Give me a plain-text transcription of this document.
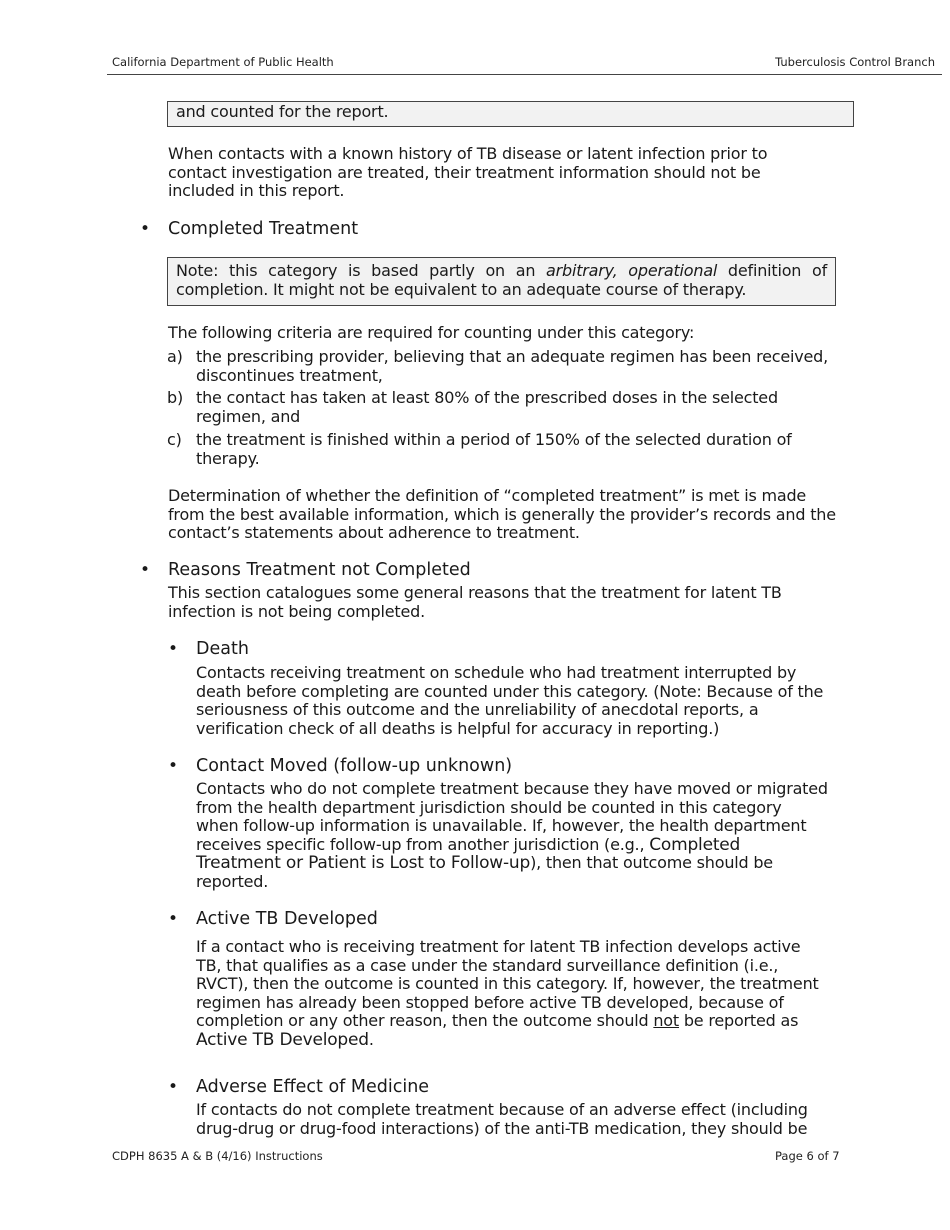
California Department of Public Health	Tuberculosis Control Branch
and counted for the report.
When contacts with a known history of TB disease or latent infection prior to contact investigation are treated, their treatment information should not be included in this report.
• Completed Treatment
Note: this category is based partly on an arbitrary, operational definition of completion. It might not be equivalent to an adequate course of therapy.
The following criteria are required for counting under this category:
a) the prescribing provider, believing that an adequate regimen has been received, discontinues treatment,
b) the contact has taken at least 80% of the prescribed doses in the selected regimen, and
c) the treatment is finished within a period of 150% of the selected duration of therapy.
Determination of whether the definition of “completed treatment” is met is made from the best available information, which is generally the provider’s records and the contact’s statements about adherence to treatment.
• Reasons Treatment not Completed
This section catalogues some general reasons that the treatment for latent TB infection is not being completed.
• Death
Contacts receiving treatment on schedule who had treatment interrupted by death before completing are counted under this category. (Note: Because of the seriousness of this outcome and the unreliability of anecdotal reports, a verification check of all deaths is helpful for accuracy in reporting.)
• Contact Moved (follow-up unknown)
Contacts who do not complete treatment because they have moved or migrated from the health department jurisdiction should be counted in this category when follow-up information is unavailable. If, however, the health department receives specific follow-up from another jurisdiction (e.g., Completed Treatment or Patient is Lost to Follow-up), then that outcome should be reported.
• Active TB Developed
If a contact who is receiving treatment for latent TB infection develops active TB, that qualifies as a case under the standard surveillance definition (i.e., RVCT), then the outcome is counted in this category. If, however, the treatment regimen has already been stopped before active TB developed, because of completion or any other reason, then the outcome should not be reported as Active TB Developed.
• Adverse Effect of Medicine
If contacts do not complete treatment because of an adverse effect (including drug-drug or drug-food interactions) of the anti-TB medication, they should be
CDPH 8635 A & B (4/16) Instructions	Page 6 of 7
